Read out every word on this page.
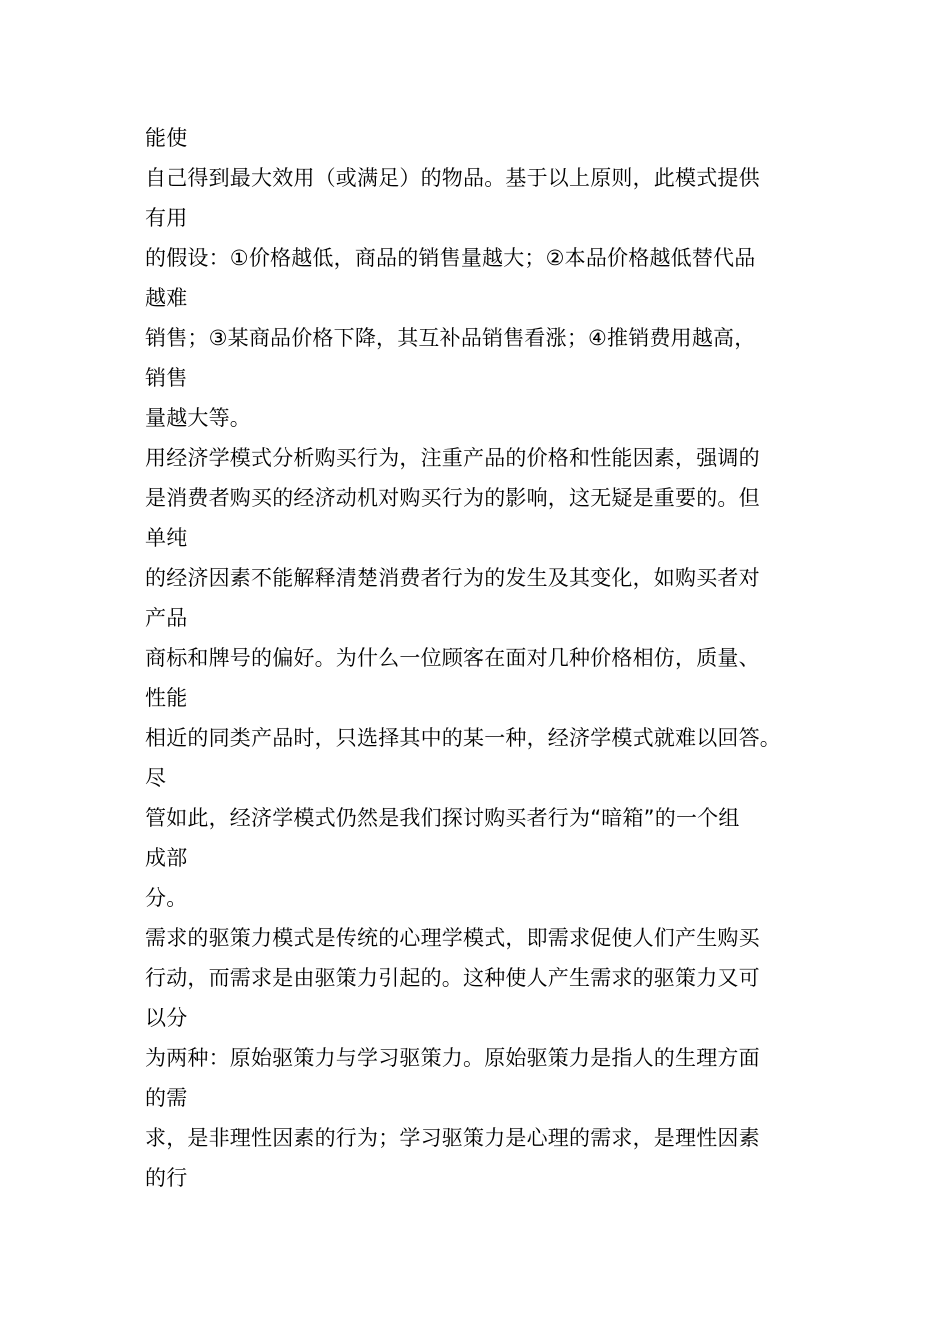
能使
自己得到最大效用（或满足）的物品。基于以上原则，此模式提供
有用
的假设：①价格越低，商品的销售量越大；②本品价格越低替代品
越难
销售；③某商品价格下降，其互补品销售看涨；④推销费用越高，
销售
量越大等。
用经济学模式分析购买行为，注重产品的价格和性能因素，强调的
是消费者购买的经济动机对购买行为的影响，这无疑是重要的。但
单纯
的经济因素不能解释清楚消费者行为的发生及其变化，如购买者对
产品
商标和牌号的偏好。为什么一位顾客在面对几种价格相仿，质量、
性能
相近的同类产品时，只选择其中的某一种，经济学模式就难以回答。
尽
管如此，经济学模式仍然是我们探讨购买者行为“暗箱”的一个组
成部
分。
需求的驱策力模式是传统的心理学模式，即需求促使人们产生购买
行动，而需求是由驱策力引起的。这种使人产生需求的驱策力又可
以分
为两种：原始驱策力与学习驱策力。原始驱策力是指人的生理方面
的需
求，是非理性因素的行为；学习驱策力是心理的需求，是理性因素
的行
